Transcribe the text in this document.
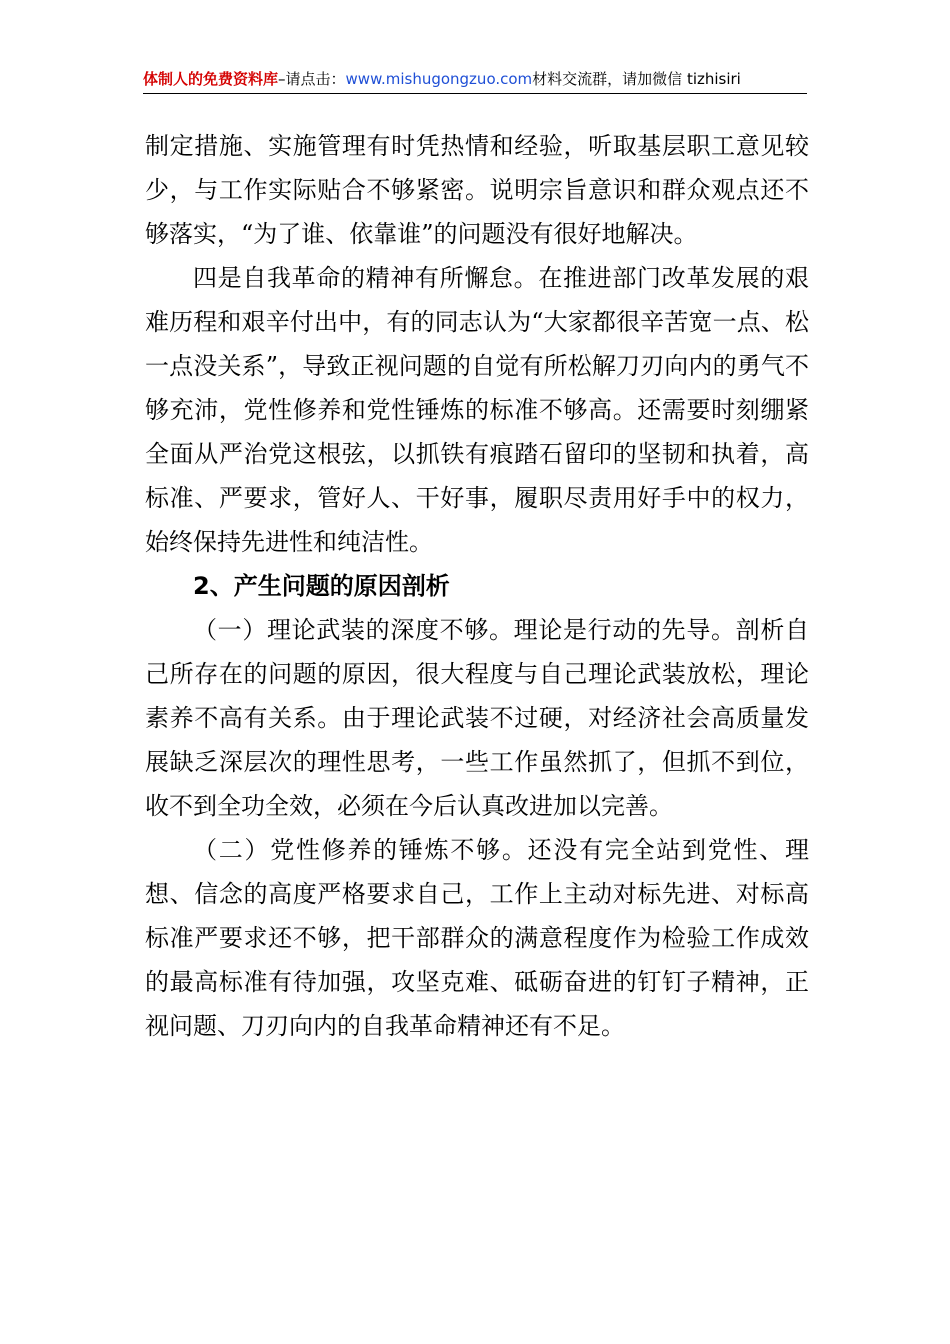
体制人的免费资料库–请点击：www.mishugongzuo.com材料交流群，请加微信 tizhisiri

制定措施、实施管理有时凭热情和经验，听取基层职工意见较少，与工作实际贴合不够紧密。说明宗旨意识和群众观点还不够落实，“为了谁、依靠谁”的问题没有很好地解决。

四是自我革命的精神有所懈怠。在推进部门改革发展的艰难历程和艰辛付出中，有的同志认为“大家都很辛苦宽一点、松一点没关系”，导致正视问题的自觉有所松解刀刃向内的勇气不够充沛，党性修养和党性锤炼的标准不够高。还需要时刻绷紧全面从严治党这根弦，以抓铁有痕踏石留印的坚韧和执着，高标准、严要求，管好人、干好事，履职尽责用好手中的权力，始终保持先进性和纯洁性。

2、产生问题的原因剖析

（一）理论武装的深度不够。理论是行动的先导。剖析自己所存在的问题的原因，很大程度与自己理论武装放松，理论素养不高有关系。由于理论武装不过硬，对经济社会高质量发展缺乏深层次的理性思考，一些工作虽然抓了，但抓不到位，收不到全功全效，必须在今后认真改进加以完善。

（二）党性修养的锤炼不够。还没有完全站到党性、理想、信念的高度严格要求自己，工作上主动对标先进、对标高标准严要求还不够，把干部群众的满意程度作为检验工作成效的最高标准有待加强，攻坚克难、砥砺奋进的钉钉子精神，正视问题、刀刃向内的自我革命精神还有不足。
